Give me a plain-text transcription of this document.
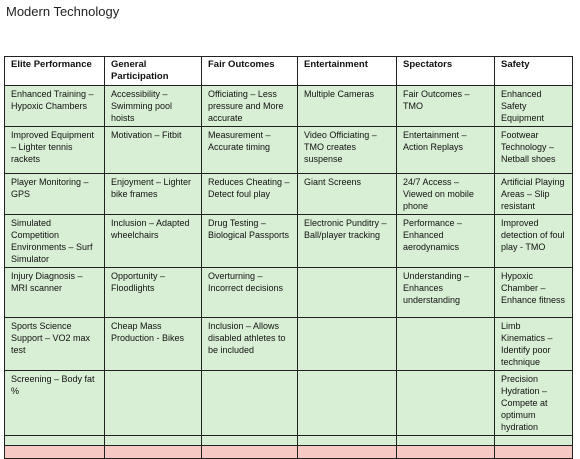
Modern Technology
Elite Performance	General Participation	Fair Outcomes	Entertainment	Spectators	Safety
Enhanced Training – Hypoxic Chambers	Accessibility – Swimming pool hoists	Officiating – Less pressure and More accurate	Multiple Cameras	Fair Outcomes – TMO	Enhanced Safety Equipment
Improved Equipment – Lighter tennis rackets	Motivation – Fitbit	Measurement – Accurate timing	Video Officiating – TMO creates suspense	Entertainment – Action Replays	Footwear Technology – Netball shoes
Player Monitoring – GPS	Enjoyment – Lighter bike frames	Reduces Cheating – Detect foul play	Giant Screens	24/7 Access – Viewed on mobile phone	Artificial Playing Areas – Slip resistant
Simulated Competition Environments – Surf Simulator	Inclusion – Adapted wheelchairs	Drug Testing – Biological Passports	Electronic Punditry – Ball/player tracking	Performance – Enhanced aerodynamics	Improved detection of foul play - TMO
Injury Diagnosis – MRI scanner	Opportunity – Floodlights	Overturning – Incorrect decisions		Understanding – Enhances understanding	Hypoxic Chamber – Enhance fitness
Sports Science Support – VO2 max test	Cheap Mass Production - Bikes	Inclusion – Allows disabled athletes to be included			Limb Kinematics – Identify poor technique
Screening – Body fat %					Precision Hydration – Compete at optimum hydration
